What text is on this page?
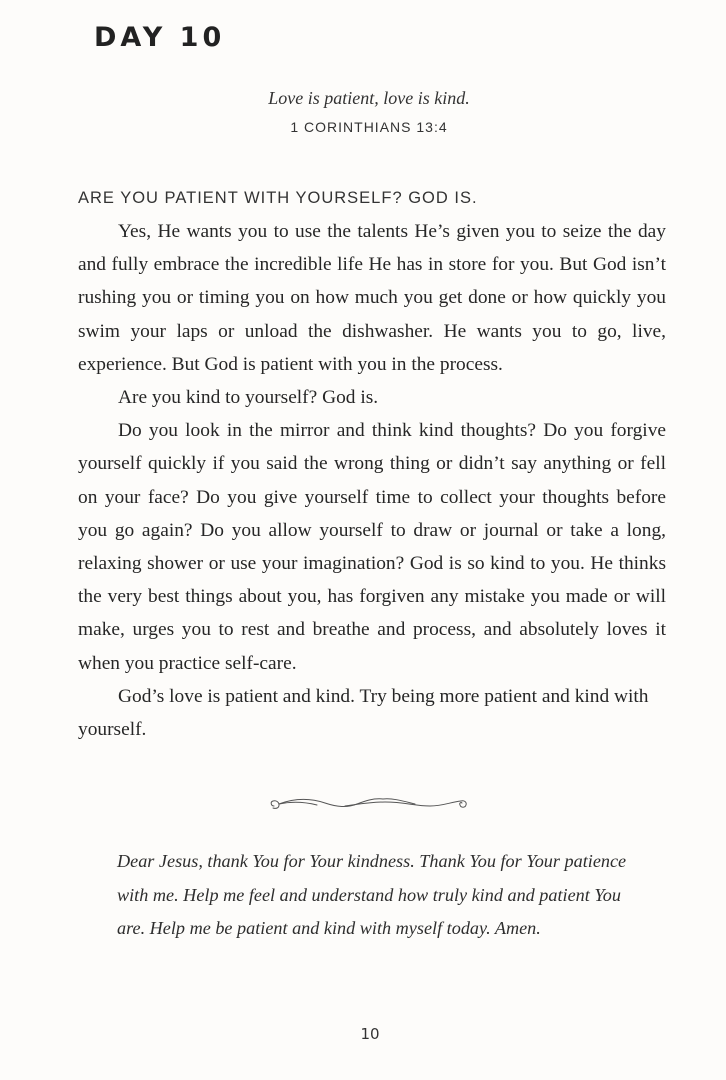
DAY 10
Love is patient, love is kind.
1 CORINTHIANS 13:4

ARE YOU PATIENT WITH YOURSELF? GOD IS.

Yes, He wants you to use the talents He’s given you to seize the day and fully embrace the incredible life He has in store for you. But God isn’t rushing you or timing you on how much you get done or how quickly you swim your laps or unload the dishwasher. He wants you to go, live, experience. But God is patient with you in the process.

Are you kind to yourself? God is.

Do you look in the mirror and think kind thoughts? Do you forgive yourself quickly if you said the wrong thing or didn’t say anything or fell on your face? Do you give yourself time to collect your thoughts before you go again? Do you allow yourself to draw or journal or take a long, relaxing shower or use your imagination? God is so kind to you. He thinks the very best things about you, has forgiven any mistake you made or will make, urges you to rest and breathe and process, and absolutely loves it when you practice self-care.

God’s love is patient and kind. Try being more patient and kind with yourself.

Dear Jesus, thank You for Your kindness. Thank You for Your patience with me. Help me feel and understand how truly kind and patient You are. Help me be patient and kind with myself today. Amen.

10
